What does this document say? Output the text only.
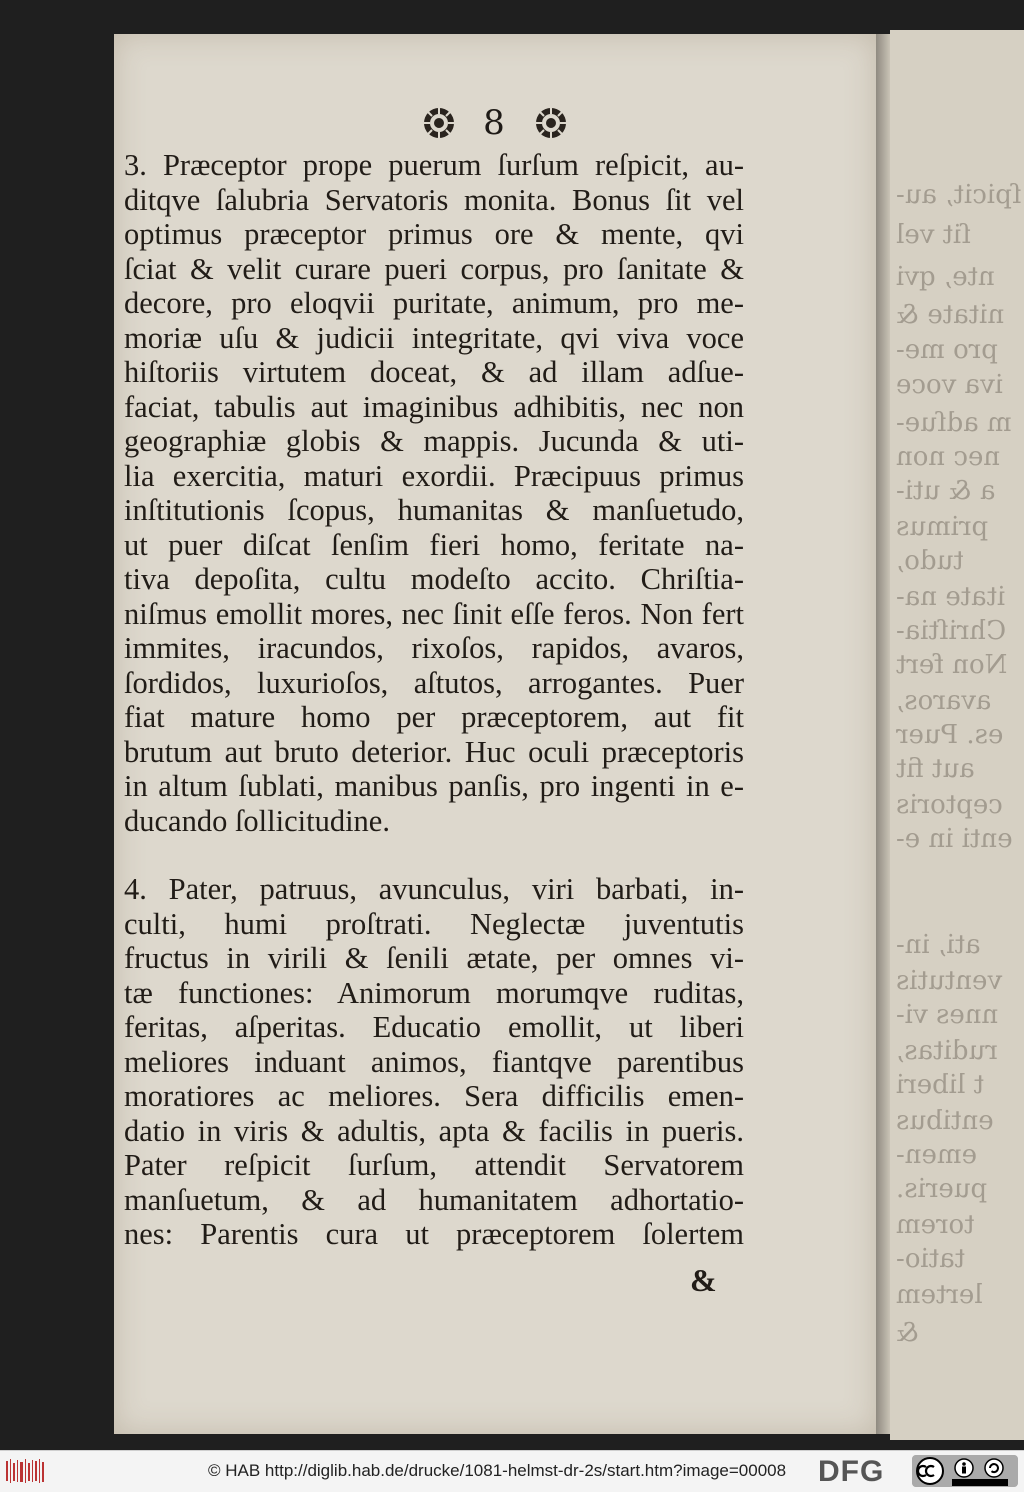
ſpicit, au-
ſit vel
nte, qvi
nitate &
pro me-
iva voce
m adſue-
nec non
a & uti-
primus
tudo,
itate na-
Chriſtia-
Non fert
avaros,
es. Puer
aut fit
ceptoris
enti in e-
ati, in-
ventutis
nnes vi-
ruditas,
t liberi
entibus
emen-
pueris.
torem
tatio-
lertem
&
8
3. Præceptor prope puerum ſurſum reſpicit, au-
ditqve ſalubria Servatoris monita. Bonus ſit vel
optimus præceptor primus ore & mente, qvi
ſciat & velit curare pueri corpus, pro ſanitate &
decore, pro eloqvii puritate, animum, pro me-
moriæ uſu & judicii integritate, qvi viva voce
hiſtoriis virtutem doceat, & ad illam adſue-
faciat, tabulis aut imaginibus adhibitis, nec non
geographiæ globis & mappis. Jucunda & uti-
lia exercitia, maturi exordii. Præcipuus primus
inſtitutionis ſcopus, humanitas & manſuetudo,
ut puer diſcat ſenſim fieri homo, feritate na-
tiva depoſita, cultu modeſto accito. Chriſtia-
niſmus emollit mores, nec ſinit eſſe feros. Non fert
immites, iracundos, rixoſos, rapidos, avaros,
ſordidos, luxurioſos, aſtutos, arrogantes. Puer
fiat mature homo per præceptorem, aut fit
brutum aut bruto deterior. Huc oculi præceptoris
in altum ſublati, manibus panſis, pro ingenti in e-
ducando ſollicitudine.
4. Pater, patruus, avunculus, viri barbati, in-
culti, humi proſtrati. Neglectæ juventutis
fructus in virili & ſenili ætate, per omnes vi-
tæ functiones: Animorum morumqve ruditas,
feritas, aſperitas. Educatio emollit, ut liberi
meliores induant animos, fiantqve parentibus
moratiores ac meliores. Sera difficilis emen-
datio in viris & adultis, apta & facilis in pueris.
Pater reſpicit ſurſum, attendit Servatorem
manſuetum, & ad humanitatem adhortatio-
nes: Parentis cura ut præceptorem ſolertem
&
© HAB http://diglib.hab.de/drucke/1081-helmst-dr-2s/start.htm?image=00008 DFG
